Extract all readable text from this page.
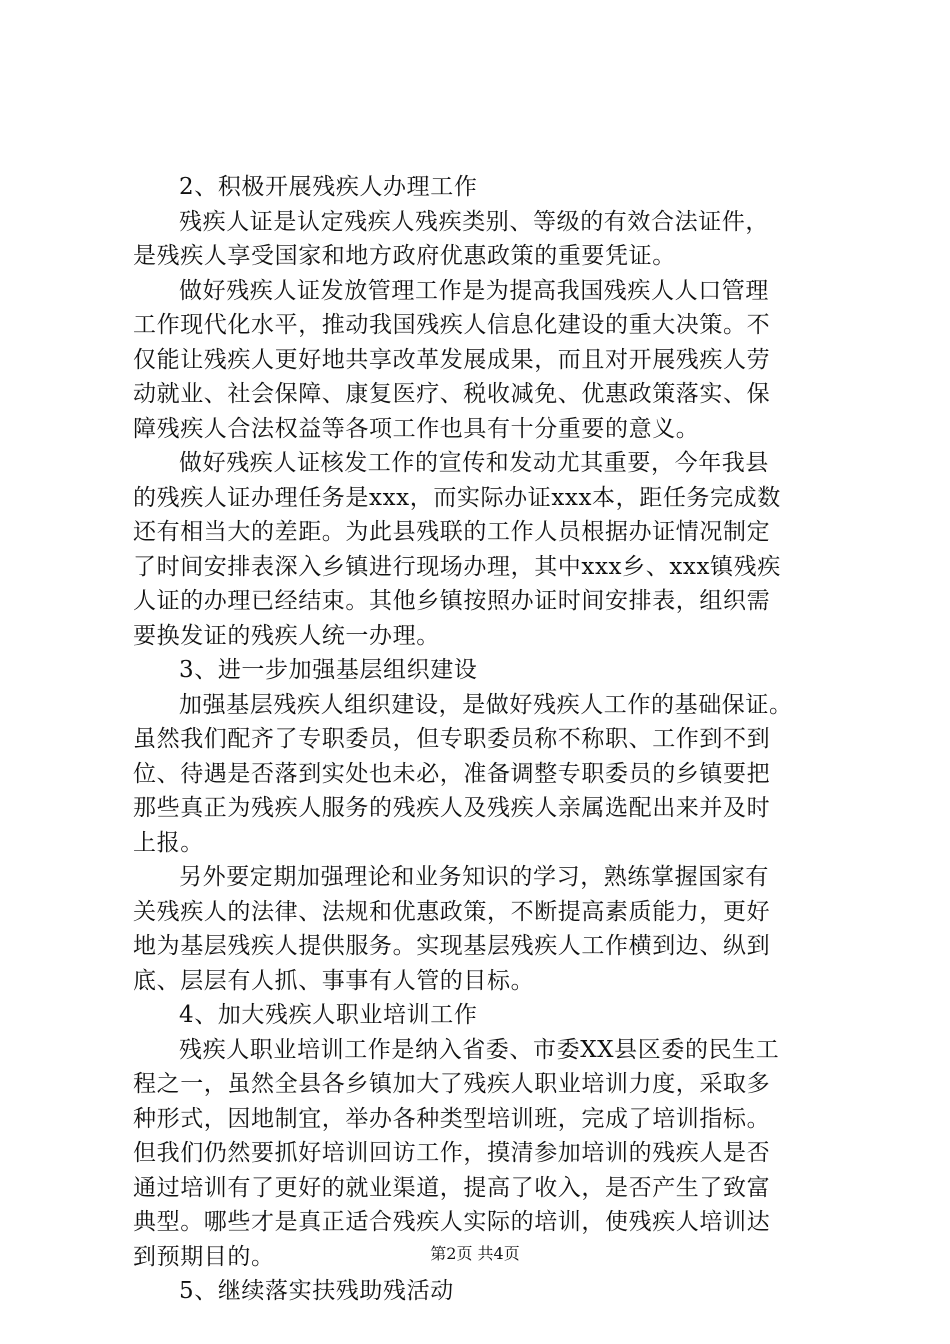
2、积极开展残疾人办理工作

残疾人证是认定残疾人残疾类别、等级的有效合法证件，
是残疾人享受国家和地方政府优惠政策的重要凭证。

做好残疾人证发放管理工作是为提高我国残疾人人口管理
工作现代化水平，推动我国残疾人信息化建设的重大决策。不
仅能让残疾人更好地共享改革发展成果，而且对开展残疾人劳
动就业、社会保障、康复医疗、税收减免、优惠政策落实、保
障残疾人合法权益等各项工作也具有十分重要的意义。

做好残疾人证核发工作的宣传和发动尤其重要，今年我县
的残疾人证办理任务是xxx，而实际办证xxx本，距任务完成数
还有相当大的差距。为此县残联的工作人员根据办证情况制定
了时间安排表深入乡镇进行现场办理，其中xxx乡、xxx镇残疾
人证的办理已经结束。其他乡镇按照办证时间安排表，组织需
要换发证的残疾人统一办理。

3、进一步加强基层组织建设

加强基层残疾人组织建设，是做好残疾人工作的基础保证。
虽然我们配齐了专职委员，但专职委员称不称职、工作到不到
位、待遇是否落到实处也未必，准备调整专职委员的乡镇要把
那些真正为残疾人服务的残疾人及残疾人亲属选配出来并及时
上报。

另外要定期加强理论和业务知识的学习，熟练掌握国家有
关残疾人的法律、法规和优惠政策，不断提高素质能力，更好
地为基层残疾人提供服务。实现基层残疾人工作横到边、纵到
底、层层有人抓、事事有人管的目标。

4、加大残疾人职业培训工作

残疾人职业培训工作是纳入省委、市委XX县区委的民生工
程之一，虽然全县各乡镇加大了残疾人职业培训力度，采取多
种形式，因地制宜，举办各种类型培训班，完成了培训指标。
但我们仍然要抓好培训回访工作，摸清参加培训的残疾人是否
通过培训有了更好的就业渠道，提高了收入，是否产生了致富
典型。哪些才是真正适合残疾人实际的培训，使残疾人培训达
到预期目的。

5、继续落实扶残助残活动

第2页 共4页
